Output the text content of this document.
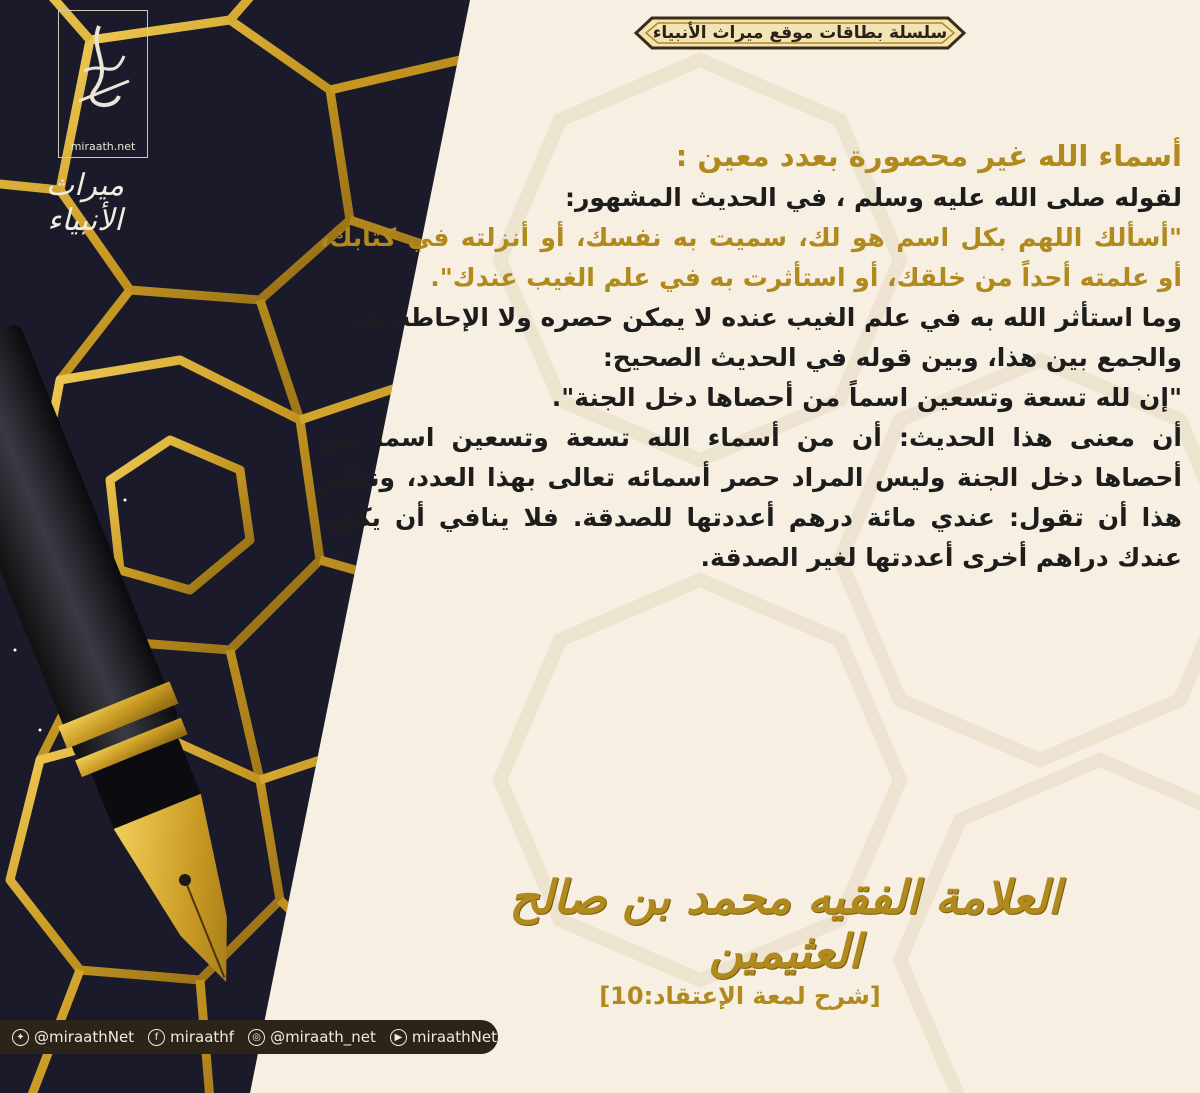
miraath.net
ميراث الأنبياء
سلسلة بطاقات موقع ميراث الأنبياء

أسماء الله غير محصورة بعدد معين :

لقوله صلى الله عليه وسلم ، في الحديث المشهور:

"أسألك اللهم بكل اسم هو لك، سميت به نفسك، أو أنزلته في كتابك، أو علمته أحداً من خلقك، أو استأثرت به في علم الغيب عندك".

وما استأثر الله به في علم الغيب عنده لا يمكن حصره ولا الإحاطة به.

والجمع بين هذا، وبين قوله في الحديث الصحيح:

"إن لله تسعة وتسعين اسماً من أحصاها دخل الجنة".

أن معنى هذا الحديث: أن من أسماء الله تسعة وتسعين اسماً من أحصاها دخل الجنة وليس المراد حصر أسمائه تعالى بهذا العدد، ونظير هذا أن تقول: عندي مائة درهم أعددتها للصدقة. فلا ينافي أن يكون عندك دراهم أخرى أعددتها لغير الصدقة.

العلامة الفقيه محمد بن صالح العثيمين
[شرح لمعة الإعتقاد:10]
✦ @miraathNet	f miraathf	◎ @miraath_net	▶ miraathNet
